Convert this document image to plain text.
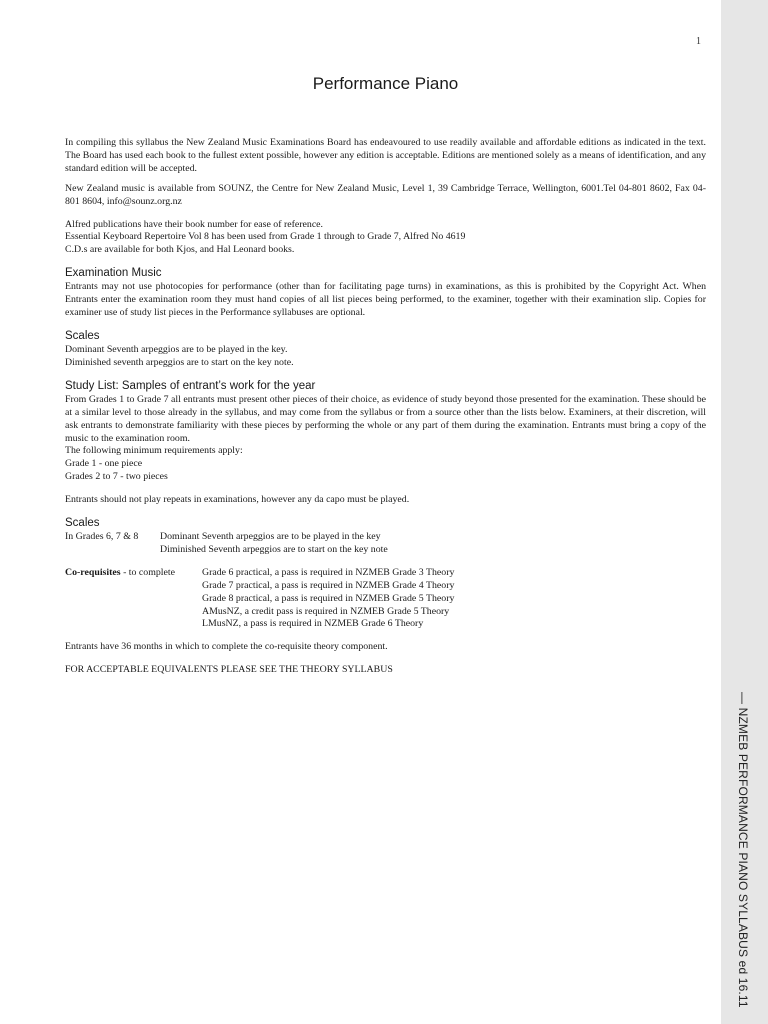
1
Performance Piano

In compiling this syllabus the New Zealand Music Examinations Board has endeavoured to use readily available and affordable editions as indicated in the text. The Board has used each book to the fullest extent possible, however any edition is acceptable. Editions are mentioned solely as a means of identification, and any standard edition will be accepted.

New Zealand music is available from SOUNZ, the Centre for New Zealand Music, Level 1, 39 Cambridge Terrace, Wellington, 6001.Tel 04-801 8602, Fax 04-801 8604, info@sounz.org.nz

Alfred publications have their book number for ease of reference.

Essential Keyboard Repertoire Vol 8 has been used from Grade 1 through to Grade 7, Alfred No 4619

C.D.s are available for both Kjos, and Hal Leonard books.

Examination Music

Entrants may not use photocopies for performance (other than for facilitating page turns) in examinations, as this is prohibited by the Copyright Act. When Entrants enter the examination room they must hand copies of all list pieces being performed, to the examiner, together with their examination slip. Copies for examiner use of study list pieces in the Performance syllabuses are optional.

Scales

Dominant Seventh arpeggios are to be played in the key.

Diminished seventh arpeggios are to start on the key note.

Study List: Samples of entrant’s work for the year

From Grades 1 to Grade 7 all entrants must present other pieces of their choice, as evidence of study beyond those presented for the examination. These should be at a similar level to those already in the syllabus, and may come from the syllabus or from a source other than the lists below. Examiners, at their discretion, will ask entrants to demonstrate familiarity with these pieces by performing the whole or any part of them during the examination. Entrants must bring a copy of the music to the examination room.

The following minimum requirements apply:

Grade 1 - one piece

Grades 2 to 7 - two pieces

Entrants should not play repeats in examinations, however any da capo must be played.

Scales
In Grades 6, 7 & 8	Dominant Seventh arpeggios are to be played in the key
Diminished Seventh arpeggios are to start on the key note
Co-requisites - to complete	Grade 6 practical, a pass is required in NZMEB Grade 3 Theory
Grade 7 practical, a pass is required in NZMEB Grade 4 Theory
Grade 8 practical, a pass is required in NZMEB Grade 5 Theory
AMusNZ, a credit pass is required in NZMEB Grade 5 Theory
LMusNZ, a pass is required in NZMEB Grade 6 Theory

Entrants have 36 months in which to complete the co-requisite theory component.

FOR ACCEPTABLE EQUIVALENTS PLEASE SEE THE THEORY SYLLABUS

— NZMEB PERFORMANCE PIANO SYLLABUS ed 16.11
